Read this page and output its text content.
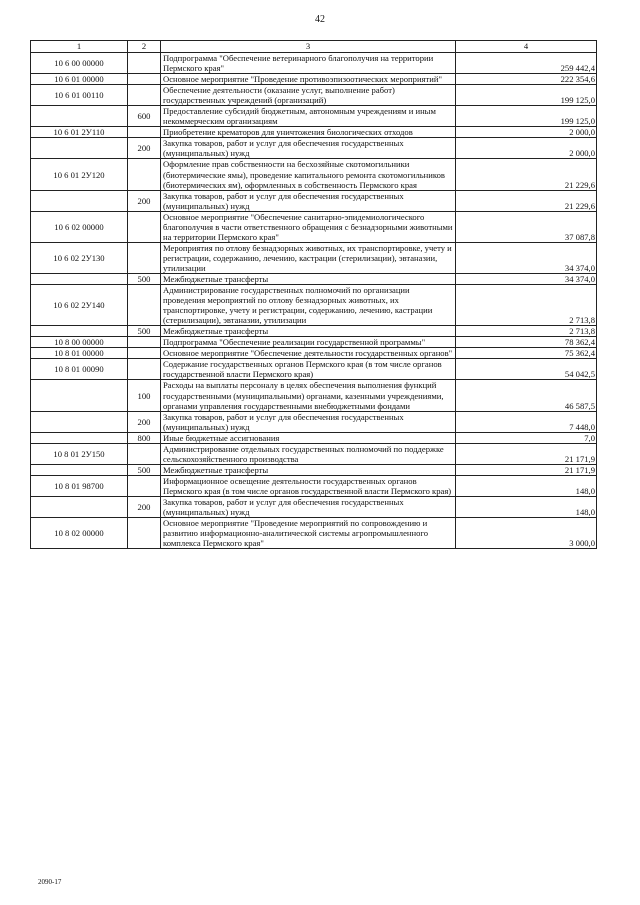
42
1	2	3	4
10 6 00 00000		Подпрограмма "Обеспечение ветеринарного благополучия на территории Пермского края"	259 442,4
10 6 01 00000		Основное мероприятие "Проведение противоэпизоотических мероприятий"	222 354,6
10 6 01 00110		Обеспечение деятельности (оказание услуг, выполнение работ) государственных учреждений (организаций)	199 125,0
	600	Предоставление субсидий бюджетным, автономным учреждениям и иным некоммерческим организациям	199 125,0
10 6 01 2У110		Приобретение крематоров для уничтожения биологических отходов	2 000,0
	200	Закупка товаров, работ и услуг для обеспечения государственных (муниципальных) нужд	2 000,0
10 6 01 2У120		Оформление прав собственности на бесхозяйные скотомогильники (биотермические ямы), проведение капитального ремонта скотомогильников (биотермических ям), оформленных в собственность Пермского края	21 229,6
	200	Закупка товаров, работ и услуг для обеспечения государственных (муниципальных) нужд	21 229,6
10 6 02 00000		Основное мероприятие "Обеспечение санитарно-эпидемиологического благополучия в части ответственного обращения с безнадзорными животными на территории Пермского края"	37 087,8
10 6 02 2У130		Мероприятия по отлову безнадзорных животных, их транспортировке, учету и регистрации, содержанию, лечению, кастрации (стерилизации), эвтаназии, утилизации	34 374,0
	500	Межбюджетные трансферты	34 374,0
10 6 02 2У140		Администрирование государственных полномочий по организации проведения мероприятий по отлову безнадзорных животных, их транспортировке, учету и регистрации, содержанию, лечению, кастрации (стерилизации), эвтаназии, утилизации	2 713,8
	500	Межбюджетные трансферты	2 713,8
10 8 00 00000		Подпрограмма "Обеспечение реализации государственной программы"	78 362,4
10 8 01 00000		Основное мероприятие "Обеспечение деятельности государственных органов"	75 362,4
10 8 01 00090		Содержание государственных органов Пермского края (в том числе органов государственной власти Пермского края)	54 042,5
	100	Расходы на выплаты персоналу в целях обеспечения выполнения функций государственными (муниципальными) органами, казенными учреждениями, органами управления государственными внебюджетными фондами	46 587,5
	200	Закупка товаров, работ и услуг для обеспечения государственных (муниципальных) нужд	7 448,0
	800	Иные бюджетные ассигнования	7,0
10 8 01 2У150		Администрирование отдельных государственных полномочий по поддержке сельскохозяйственного производства	21 171,9
	500	Межбюджетные трансферты	21 171,9
10 8 01 98700		Информационное освещение деятельности государственных органов Пермского края (в том числе органов государственной власти Пермского края)	148,0
	200	Закупка товаров, работ и услуг для обеспечения государственных (муниципальных) нужд	148,0
10 8 02 00000		Основное мероприятие "Проведение мероприятий по сопровождению и развитию информационно-аналитической системы агропромышленного комплекса Пермского края"	3 000,0
2090-17
